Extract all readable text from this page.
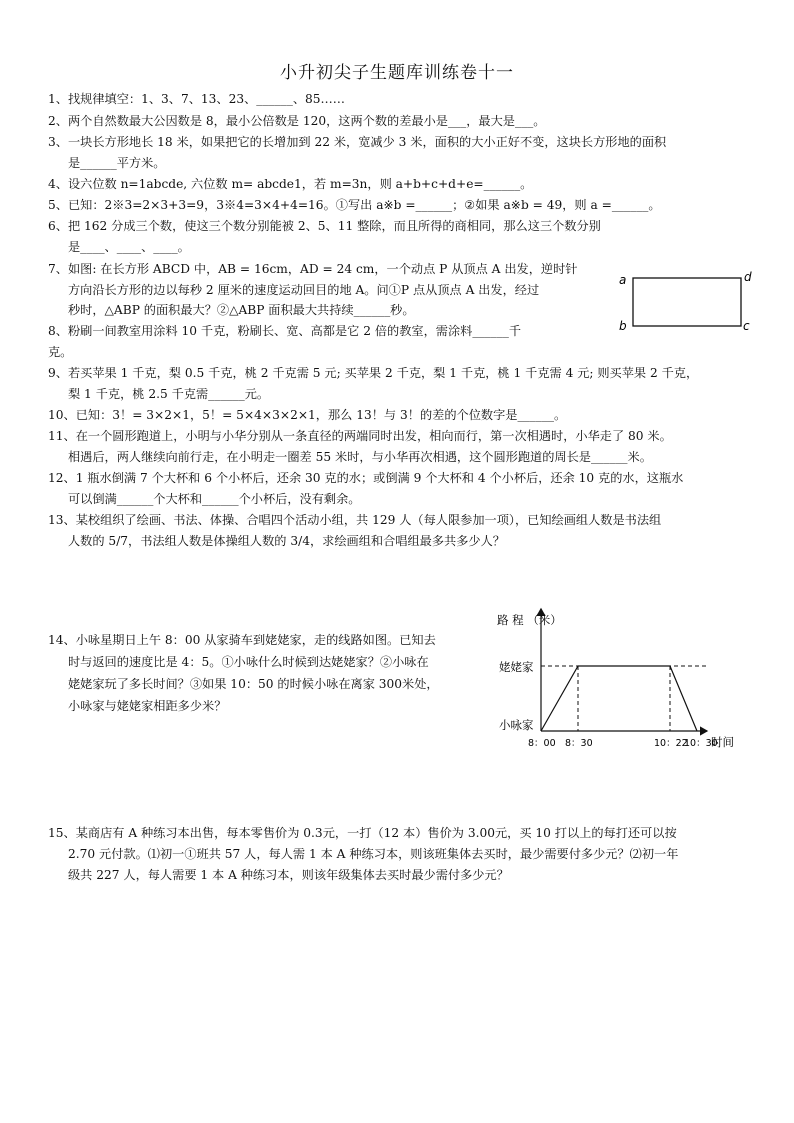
小升初尖子生题库训练卷十一
1、找规律填空：1、3、7、13、23、______、85……
2、两个自然数最大公因数是 8，最小公倍数是 120，这两个数的差最小是___，最大是___。
3、一块长方形地长 18 米，如果把它的长增加到 22 米，宽减少 3 米，面积的大小正好不变，这块长方形地的面积
是______平方米。
4、设六位数 n=1abcde, 六位数 m= abcde1，若 m=3n，则 a+b+c+d+e=______。
5、已知：2※3=2×3+3=9，3※4=3×4+4=16。①写出 a※b =______；②如果 a※b = 49，则 a =______。
6、把 162 分成三个数，使这三个数分别能被 2、5、11 整除，而且所得的商相同，那么这三个数分别
是____、____、____。
7、如图: 在长方形 ABCD 中，AB = 16cm，AD = 24 cm，一个动点 P 从顶点 A 出发，逆时针
方向沿长方形的边以每秒 2 厘米的速度运动回目的地 A。问①P 点从顶点 A 出发，经过
秒时，△ABP 的面积最大？②△ABP 面积最大共持续______秒。
a	d
b	c
8、粉刷一间教室用涂料 10 千克，粉刷长、宽、高都是它 2 倍的教室，需涂料______千
克。
9、若买苹果 1 千克，梨 0.5 千克，桃 2 千克需 5 元; 买苹果 2 千克，梨 1 千克，桃 1 千克需 4 元; 则买苹果 2 千克，
梨 1 千克，桃 2.5 千克需______元。
10、已知：3！= 3×2×1，5！= 5×4×3×2×1，那么 13！与 3！的差的个位数字是______。
11、在一个圆形跑道上，小明与小华分别从一条直径的两端同时出发，相向而行，第一次相遇时，小华走了 80 米。
相遇后，两人继续向前行走，在小明走一圈差 55 米时，与小华再次相遇，这个圆形跑道的周长是______米。
12、1 瓶水倒满 7 个大杯和 6 个小杯后，还余 30 克的水；或倒满 9 个大杯和 4 个小杯后，还余 10 克的水，这瓶水
可以倒满______个大杯和______个小杯后，没有剩余。
13、某校组织了绘画、书法、体操、合唱四个活动小组，共 129 人（每人限参加一项），已知绘画组人数是书法组
人数的 5/7，书法组人数是体操组人数的 3/4，求绘画组和合唱组最多共多少人？
14、小咏星期日上午 8：00 从家骑车到姥姥家，走的线路如图。已知去
时与返回的速度比是 4：5。①小咏什么时候到达姥姥家？②小咏在
姥姥家玩了多长时间？③如果 10：50 的时候小咏在离家 300米处，
小咏家与姥姥家相距多少米？
路 程 （米）
时间
姥姥家
小咏家
8：00 8：30	10：22
10：30
15、某商店有 A 种练习本出售，每本零售价为 0.3元，一打（12 本）售价为 3.00元，买 10 打以上的每打还可以按
2.70 元付款。⑴初一①班共 57 人，每人需 1 本 A 种练习本，则该班集体去买时，最少需要付多少元？⑵初一年
级共 227 人，每人需要 1 本 A 种练习本，则该年级集体去买时最少需付多少元？
